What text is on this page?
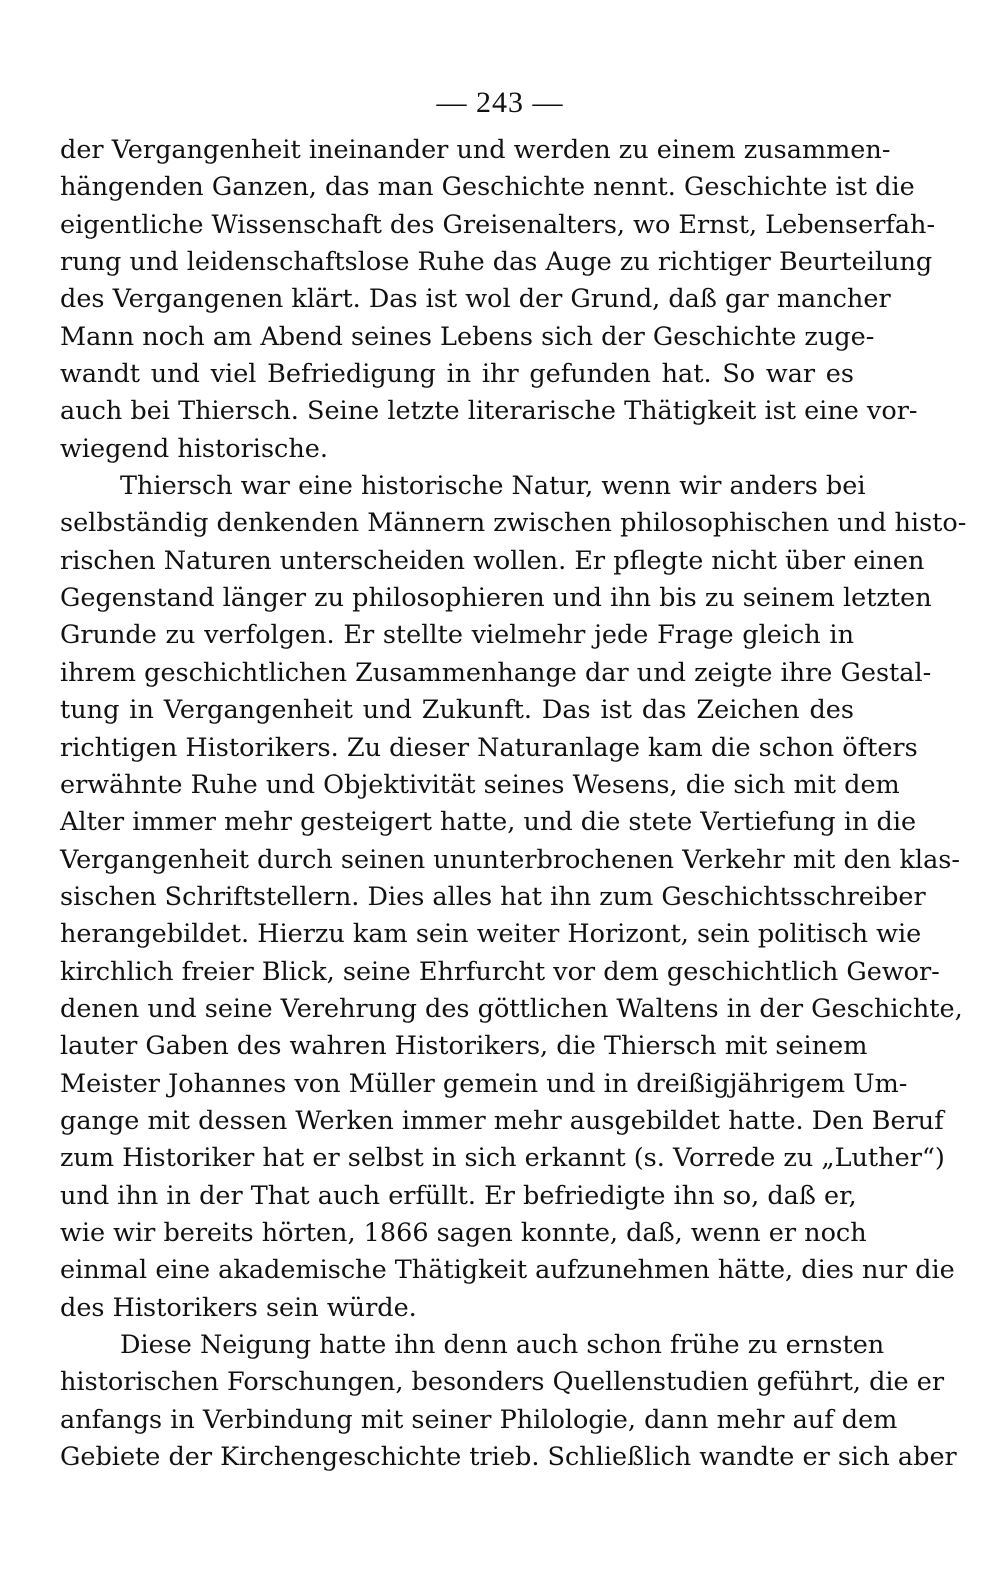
— 243 —
der Vergangenheit ineinander und werden zu einem zusammen-
hängenden Ganzen, das man Geschichte nennt. Geschichte ist die
eigentliche Wissenschaft des Greisenalters, wo Ernst, Lebenserfah-
rung und leidenschaftslose Ruhe das Auge zu richtiger Beurteilung
des Vergangenen klärt. Das ist wol der Grund, daß gar mancher
Mann noch am Abend seines Lebens sich der Geschichte zuge-
wandt und viel Befriedigung in ihr gefunden hat. So war es
auch bei Thiersch. Seine letzte literarische Thätigkeit ist eine vor-
wiegend historische.
Thiersch war eine historische Natur, wenn wir anders bei
selbständig denkenden Männern zwischen philosophischen und histo-
rischen Naturen unterscheiden wollen. Er pflegte nicht über einen
Gegenstand länger zu philosophieren und ihn bis zu seinem letzten
Grunde zu verfolgen. Er stellte vielmehr jede Frage gleich in
ihrem geschichtlichen Zusammenhange dar und zeigte ihre Gestal-
tung in Vergangenheit und Zukunft. Das ist das Zeichen des
richtigen Historikers. Zu dieser Naturanlage kam die schon öfters
erwähnte Ruhe und Objektivität seines Wesens, die sich mit dem
Alter immer mehr gesteigert hatte, und die stete Vertiefung in die
Vergangenheit durch seinen ununterbrochenen Verkehr mit den klas-
sischen Schriftstellern. Dies alles hat ihn zum Geschichtsschreiber
herangebildet. Hierzu kam sein weiter Horizont, sein politisch wie
kirchlich freier Blick, seine Ehrfurcht vor dem geschichtlich Gewor-
denen und seine Verehrung des göttlichen Waltens in der Geschichte,
lauter Gaben des wahren Historikers, die Thiersch mit seinem
Meister Johannes von Müller gemein und in dreißigjährigem Um-
gange mit dessen Werken immer mehr ausgebildet hatte. Den Beruf
zum Historiker hat er selbst in sich erkannt (s. Vorrede zu „Luther“)
und ihn in der That auch erfüllt. Er befriedigte ihn so, daß er,
wie wir bereits hörten, 1866 sagen konnte, daß, wenn er noch
einmal eine akademische Thätigkeit aufzunehmen hätte, dies nur die
des Historikers sein würde.
Diese Neigung hatte ihn denn auch schon frühe zu ernsten
historischen Forschungen, besonders Quellenstudien geführt, die er
anfangs in Verbindung mit seiner Philologie, dann mehr auf dem
Gebiete der Kirchengeschichte trieb. Schließlich wandte er sich aber
